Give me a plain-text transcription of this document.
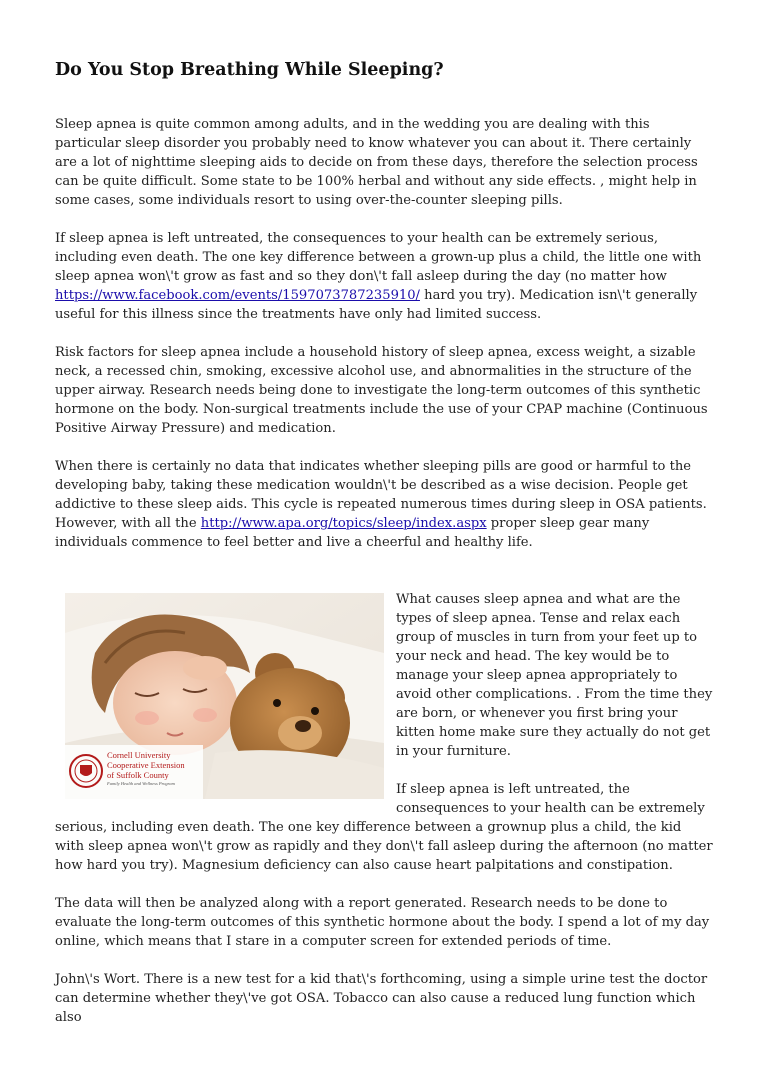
Do You Stop Breathing While Sleeping?

Sleep apnea is quite common among adults, and in the wedding you are dealing with this particular sleep disorder you probably need to know whatever you can about it. There certainly are a lot of nighttime sleeping aids to decide on from these days, therefore the selection process can be quite difficult. Some state to be 100% herbal and without any side effects. , might help in some cases, some individuals resort to using over-the-counter sleeping pills.

If sleep apnea is left untreated, the consequences to your health can be extremely serious, including even death. The one key difference between a grown-up plus a child, the little one with sleep apnea won\'t grow as fast and so they don\'t fall asleep during the day (no matter how https://www.facebook.com/events/1597073787235910/ hard you try). Medication isn\'t generally useful for this illness since the treatments have only had limited success.

Risk factors for sleep apnea include a household history of sleep apnea, excess weight, a sizable neck, a recessed chin, smoking, excessive alcohol use, and abnormalities in the structure of the upper airway. Research needs being done to investigate the long-term outcomes of this synthetic hormone on the body. Non-surgical treatments include the use of your CPAP machine (Continuous Positive Airway Pressure) and medication.

When there is certainly no data that indicates whether sleeping pills are good or harmful to the developing baby, taking these medication wouldn\'t be described as a wise decision. People get addictive to these sleep aids. This cycle is repeated numerous times during sleep in OSA patients. However, with all the http://www.apa.org/topics/sleep/index.aspx proper sleep gear many individuals commence to feel better and live a cheerful and healthy life.

Cornell University
Cooperative Extension
of Suffolk County
Family Health and Wellness Program

What causes sleep apnea and what are the types of sleep apnea. Tense and relax each group of muscles in turn from your feet up to your neck and head. The key would be to manage your sleep apnea appropriately to avoid other complications. . From the time they are born, or whenever you first bring your kitten home make sure they actually do not get in your furniture.

If sleep apnea is left untreated, the consequences to your health can be extremely serious, including even death. The one key difference between a grownup plus a child, the kid with sleep apnea won\'t grow as rapidly and they don\'t fall asleep during the afternoon (no matter how hard you try). Magnesium deficiency can also cause heart palpitations and constipation.

The data will then be analyzed along with a report generated. Research needs to be done to evaluate the long-term outcomes of this synthetic hormone about the body. I spend a lot of my day online, which means that I stare in a computer screen for extended periods of time.

John\'s Wort. There is a new test for a kid that\'s forthcoming, using a simple urine test the doctor can determine whether they\'ve got OSA. Tobacco can also cause a reduced lung function which also
